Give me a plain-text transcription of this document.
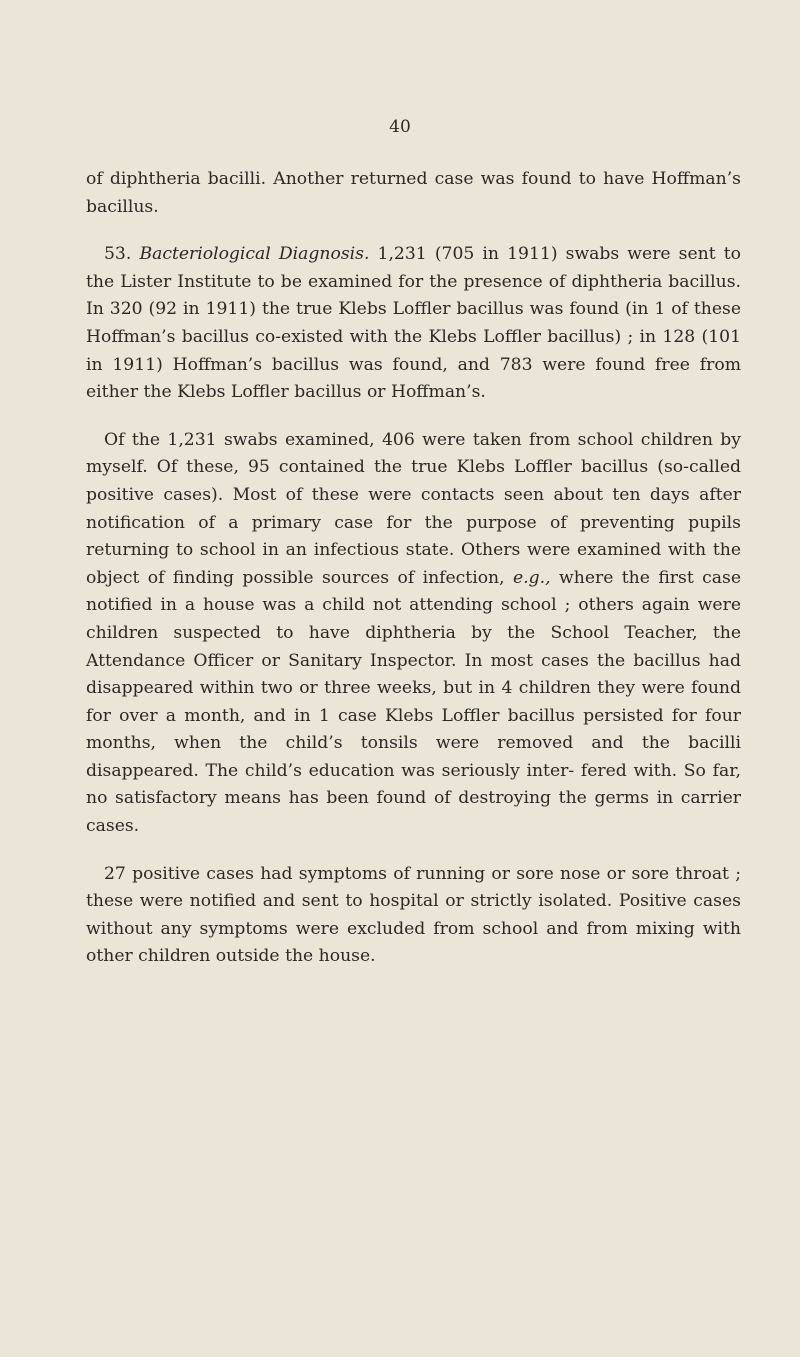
40

of diphtheria bacilli. Another returned case was found to have Hoffman’s bacillus.

53. Bacteriological Diagnosis. 1,231 (705 in 1911) swabs were sent to the Lister Institute to be examined for the presence of diphtheria bacillus. In 320 (92 in 1911) the true Klebs Loffler bacillus was found (in 1 of these Hoffman’s bacillus co-existed with the Klebs Loffler bacillus) ; in 128 (101 in 1911) Hoffman’s bacillus was found, and 783 were found free from either the Klebs Loffler bacillus or Hoffman’s.

Of the 1,231 swabs examined, 406 were taken from school children by myself. Of these, 95 contained the true Klebs Loffler bacillus (so-called positive cases). Most of these were contacts seen about ten days after notification of a primary case for the purpose of preventing pupils returning to school in an infectious state. Others were examined with the object of finding possible sources of infection, e.g., where the first case notified in a house was a child not attending school ; others again were children suspected to have diphtheria by the School Teacher, the Attendance Officer or Sanitary Inspector. In most cases the bacillus had disappeared within two or three weeks, but in 4 children they were found for over a month, and in 1 case Klebs Loffler bacillus persisted for four months, when the child’s tonsils were removed and the bacilli disappeared. The child’s education was seriously inter- fered with. So far, no satisfactory means has been found of destroying the germs in carrier cases.

27 positive cases had symptoms of running or sore nose or sore throat ; these were notified and sent to hospital or strictly isolated. Positive cases without any symptoms were excluded from school and from mixing with other children outside the house.
